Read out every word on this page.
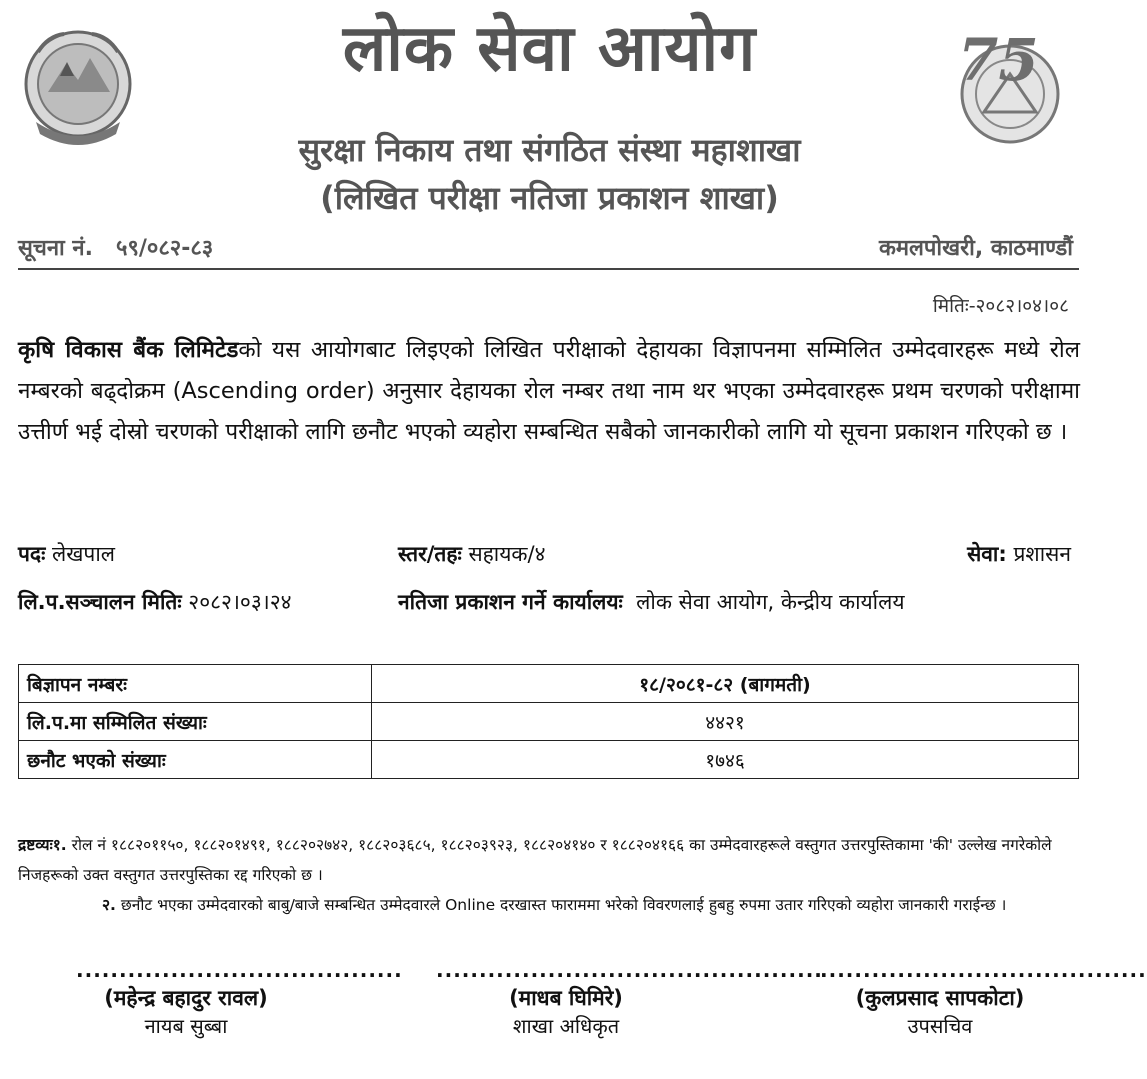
75
लोक सेवा आयोग
सुरक्षा निकाय तथा संगठित संस्था महाशाखा
(लिखित परीक्षा नतिजा प्रकाशन शाखा)
सूचना नं. ५९/०८२-८३	कमलपोखरी, काठमाण्डौं
मितिः-२०८२।०४।०८
कृषि विकास बैंक लिमिटेडको यस आयोगबाट लिइएको लिखित परीक्षाको देहायका विज्ञापनमा सम्मिलित उम्मेदवारहरू मध्ये रोल नम्बरको बढ्दोक्रम (Ascending order) अनुसार देहायका रोल नम्बर तथा नाम थर भएका उम्मेदवारहरू प्रथम चरणको परीक्षामा उत्तीर्ण भई दोस्रो चरणको परीक्षाको लागि छनौट भएको व्यहोरा सम्बन्धित सबैको जानकारीको लागि यो सूचना प्रकाशन गरिएको छ ।
पदः लेखपाल	स्तर/तहः सहायक/४	सेवा: प्रशासन
लि.प.सञ्चालन मितिः २०८२।०३।२४	नतिजा प्रकाशन गर्ने कार्यालयः लोक सेवा आयोग, केन्द्रीय कार्यालय
बिज्ञापन नम्बरः	१८/२०८१-८२ (बागमती)
लि.प.मा सम्मिलित संख्याः	४४२१
छनौट भएको संख्याः	१७४६
द्रष्टव्यः१. रोल नं १८८२०११५०, १८८२०१४९१, १८८२०२७४२, १८८२०३६८५, १८८२०३९२३, १८८२०४१४० र १८८२०४१६६ का उम्मेदवारहरूले वस्तुगत उत्तरपुस्तिकामा 'की' उल्लेख नगरेकोले निजहरूको उक्त वस्तुगत उत्तरपुस्तिका रद्द गरिएको छ ।
२. छनौट भएका उम्मेदवारको बाबु/बाजे सम्बन्धित उम्मेदवारले Online दरखास्त फाराममा भरेको विवरणलाई हुबहु रुपमा उतार गरिएको व्यहोरा जानकारी गराईन्छ ।
......................................
(महेन्द्र बहादुर रावल)
नायब सुब्बा
.............................................
(माधब घिमिरे)
शाखा अधिकृत
......................................
(कुलप्रसाद सापकोटा)
उपसचिव
